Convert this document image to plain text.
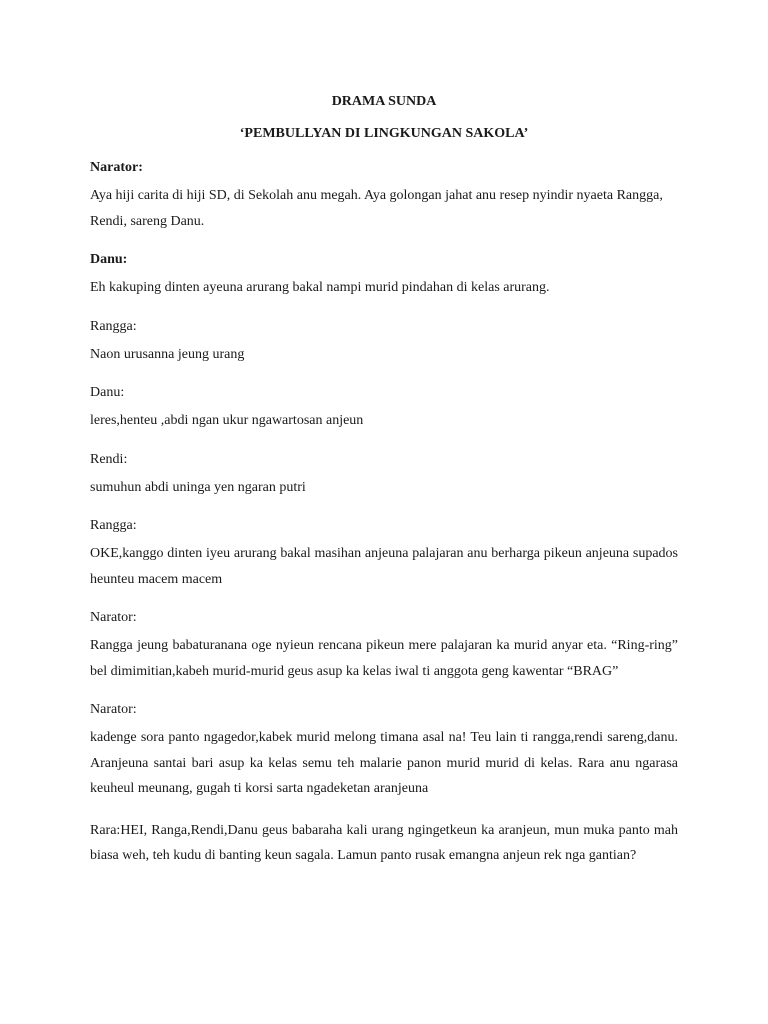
DRAMA SUNDA

‘PEMBULLYAN DI LINGKUNGAN SAKOLA’

Narator:

Aya hiji carita di hiji SD, di Sekolah anu megah. Aya golongan jahat anu resep nyindir nyaeta Rangga, Rendi, sareng Danu.

Danu:

Eh kakuping dinten ayeuna arurang bakal nampi murid pindahan di kelas arurang.

Rangga:

Naon urusanna jeung urang

Danu:

leres,henteu ,abdi ngan ukur ngawartosan anjeun

Rendi:

sumuhun abdi uninga yen ngaran putri

Rangga:

OKE,kanggo dinten iyeu arurang bakal masihan anjeuna palajaran anu berharga pikeun anjeuna supados heunteu macem macem

Narator:

Rangga jeung babaturanana oge nyieun rencana pikeun mere palajaran ka murid anyar eta. “Ring-ring” bel dimimitian,kabeh murid-murid geus asup ka kelas iwal ti anggota geng kawentar “BRAG”

Narator:

kadenge sora panto ngagedor,kabek murid melong timana asal na! Teu lain ti rangga,rendi sareng,danu. Aranjeuna santai bari asup ka kelas semu teh malarie panon murid murid di kelas. Rara anu ngarasa keuheul meunang, gugah ti korsi sarta ngadeketan aranjeuna

Rara:HEI, Ranga,Rendi,Danu geus babaraha kali urang ngingetkeun ka aranjeun, mun muka panto mah biasa weh, teh kudu di banting keun sagala. Lamun panto rusak emangna anjeun rek nga gantian?
